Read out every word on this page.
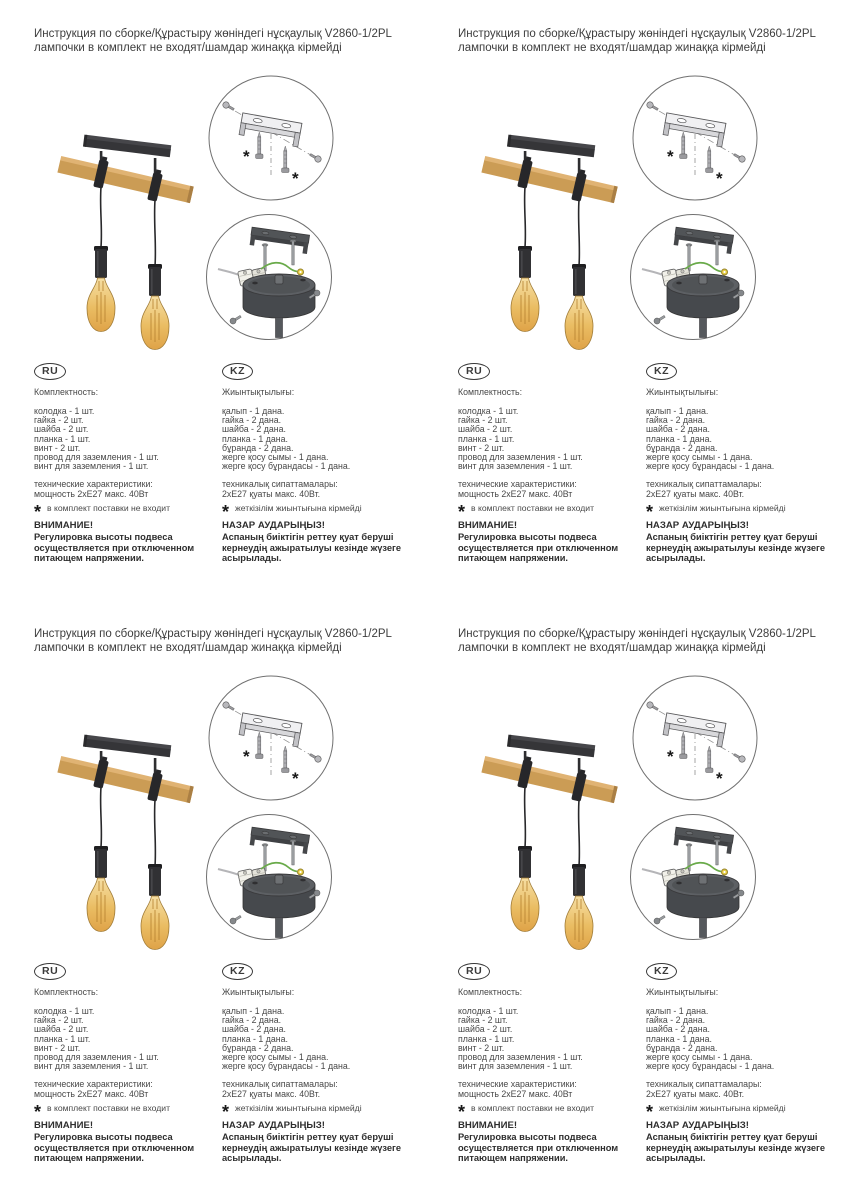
Инструкция по сборке/Құрастыру жөніндегі нұсқаулық V2860-1/2PL
лампочки в комплект не входят/шамдар жинаққа кірмейді
*
*
RU
Комплектность:
колодка - 1 шт.
гайка - 2 шт.
шайба - 2 шт.
планка - 1 шт.
винт - 2 шт.
провод для заземления - 1 шт.
винт для заземления - 1 шт.
технические характеристики:
мощность 2хЕ27 макс. 40Вт
* в комплект поставки не входит
ВНИМАНИЕ!
Регулировка высоты подвеса осуществляется при отключенном питающем напряжении.
KZ
Жиынтықтылығы:
қалып - 1 дана.
гайка - 2 дана.
шайба - 2 дана.
планка - 1 дана.
бұранда - 2 дана.
жерге қосу сымы - 1 дана.
жерге қосу бұрандасы - 1 дана.
техникалық сипаттамалары:
2хЕ27 қуаты макс. 40Вт.
* жеткізілім жиынтығына кірмейді
НАЗАР АУДАРЫҢЫЗ!
Аспаның биіктігін реттеу қуат беруші кернеудің ажыратылуы кезінде жүзеге асырылады.
Инструкция по сборке/Құрастыру жөніндегі нұсқаулық V2860-1/2PL
лампочки в комплект не входят/шамдар жинаққа кірмейді
*
*
RU
Комплектность:
колодка - 1 шт.
гайка - 2 шт.
шайба - 2 шт.
планка - 1 шт.
винт - 2 шт.
провод для заземления - 1 шт.
винт для заземления - 1 шт.
технические характеристики:
мощность 2хЕ27 макс. 40Вт
* в комплект поставки не входит
ВНИМАНИЕ!
Регулировка высоты подвеса осуществляется при отключенном питающем напряжении.
KZ
Жиынтықтылығы:
қалып - 1 дана.
гайка - 2 дана.
шайба - 2 дана.
планка - 1 дана.
бұранда - 2 дана.
жерге қосу сымы - 1 дана.
жерге қосу бұрандасы - 1 дана.
техникалық сипаттамалары:
2хЕ27 қуаты макс. 40Вт.
* жеткізілім жиынтығына кірмейді
НАЗАР АУДАРЫҢЫЗ!
Аспаның биіктігін реттеу қуат беруші кернеудің ажыратылуы кезінде жүзеге асырылады.
Инструкция по сборке/Құрастыру жөніндегі нұсқаулық V2860-1/2PL
лампочки в комплект не входят/шамдар жинаққа кірмейді
*
*
RU
Комплектность:
колодка - 1 шт.
гайка - 2 шт.
шайба - 2 шт.
планка - 1 шт.
винт - 2 шт.
провод для заземления - 1 шт.
винт для заземления - 1 шт.
технические характеристики:
мощность 2хЕ27 макс. 40Вт
* в комплект поставки не входит
ВНИМАНИЕ!
Регулировка высоты подвеса осуществляется при отключенном питающем напряжении.
KZ
Жиынтықтылығы:
қалып - 1 дана.
гайка - 2 дана.
шайба - 2 дана.
планка - 1 дана.
бұранда - 2 дана.
жерге қосу сымы - 1 дана.
жерге қосу бұрандасы - 1 дана.
техникалық сипаттамалары:
2хЕ27 қуаты макс. 40Вт.
* жеткізілім жиынтығына кірмейді
НАЗАР АУДАРЫҢЫЗ!
Аспаның биіктігін реттеу қуат беруші кернеудің ажыратылуы кезінде жүзеге асырылады.
Инструкция по сборке/Құрастыру жөніндегі нұсқаулық V2860-1/2PL
лампочки в комплект не входят/шамдар жинаққа кірмейді
*
*
RU
Комплектность:
колодка - 1 шт.
гайка - 2 шт.
шайба - 2 шт.
планка - 1 шт.
винт - 2 шт.
провод для заземления - 1 шт.
винт для заземления - 1 шт.
технические характеристики:
мощность 2хЕ27 макс. 40Вт
* в комплект поставки не входит
ВНИМАНИЕ!
Регулировка высоты подвеса осуществляется при отключенном питающем напряжении.
KZ
Жиынтықтылығы:
қалып - 1 дана.
гайка - 2 дана.
шайба - 2 дана.
планка - 1 дана.
бұранда - 2 дана.
жерге қосу сымы - 1 дана.
жерге қосу бұрандасы - 1 дана.
техникалық сипаттамалары:
2хЕ27 қуаты макс. 40Вт.
* жеткізілім жиынтығына кірмейді
НАЗАР АУДАРЫҢЫЗ!
Аспаның биіктігін реттеу қуат беруші кернеудің ажыратылуы кезінде жүзеге асырылады.
